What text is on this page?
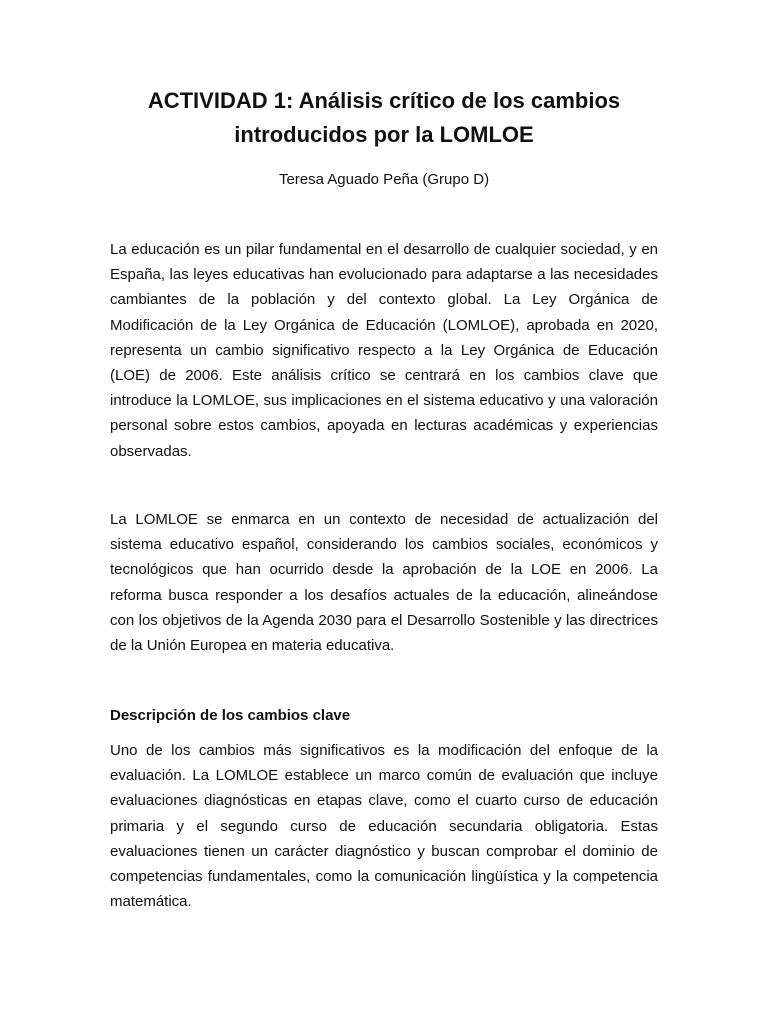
ACTIVIDAD 1: Análisis crítico de los cambios
introducidos por la LOMLOE

Teresa Aguado Peña (Grupo D)

La educación es un pilar fundamental en el desarrollo de cualquier sociedad, y en España, las leyes educativas han evolucionado para adaptarse a las necesidades cambiantes de la población y del contexto global. La Ley Orgánica de Modificación de la Ley Orgánica de Educación (LOMLOE), aprobada en 2020, representa un cambio significativo respecto a la Ley Orgánica de Educación (LOE) de 2006. Este análisis crítico se centrará en los cambios clave que introduce la LOMLOE, sus implicaciones en el sistema educativo y una valoración personal sobre estos cambios, apoyada en lecturas académicas y experiencias observadas.

La LOMLOE se enmarca en un contexto de necesidad de actualización del sistema educativo español, considerando los cambios sociales, económicos y tecnológicos que han ocurrido desde la aprobación de la LOE en 2006. La reforma busca responder a los desafíos actuales de la educación, alineándose con los objetivos de la Agenda 2030 para el Desarrollo Sostenible y las directrices de la Unión Europea en materia educativa.

Descripción de los cambios clave

Uno de los cambios más significativos es la modificación del enfoque de la evaluación. La LOMLOE establece un marco común de evaluación que incluye evaluaciones diagnósticas en etapas clave, como el cuarto curso de educación primaria y el segundo curso de educación secundaria obligatoria. Estas evaluaciones tienen un carácter diagnóstico y buscan comprobar el dominio de competencias fundamentales, como la comunicación lingüística y la competencia matemática.
